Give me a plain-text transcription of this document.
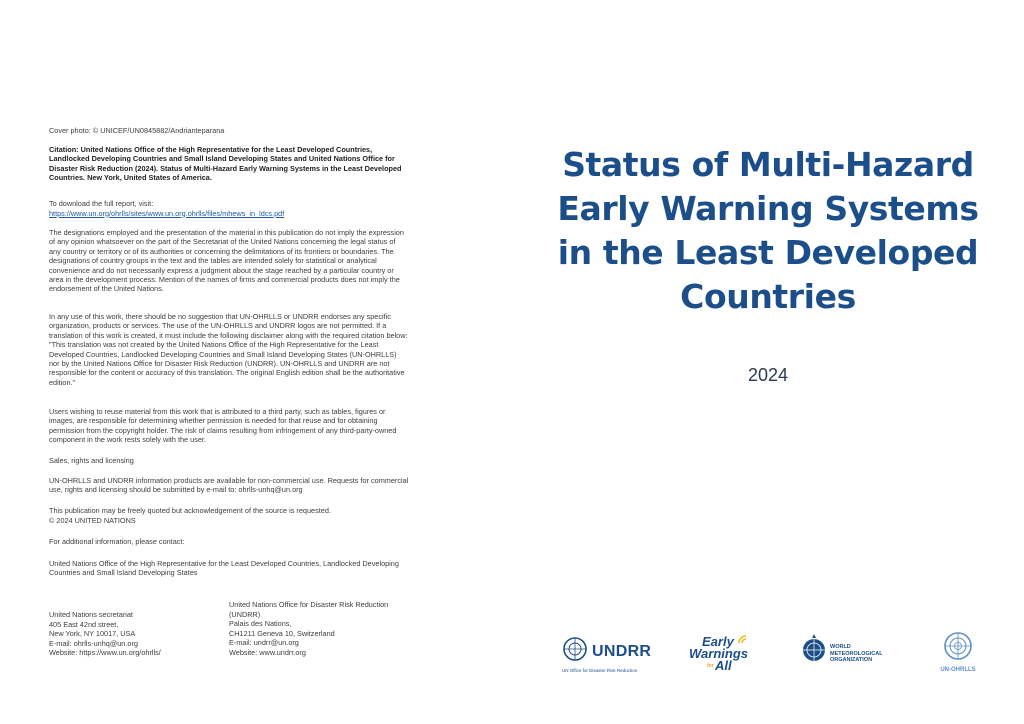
Cover photo: © UNICEF/UN0845882/Andrianteparana

Citation: United Nations Office of the High Representative for the Least Developed Countries, Landlocked Developing Countries and Small Island Developing States and United Nations Office for Disaster Risk Reduction (2024). Status of Multi-Hazard Early Warning Systems in the Least Developed Countries. New York, United States of America.

To download the full report, visit:

https://www.un.org/ohrlls/sites/www.un.org.ohrlls/files/mhews_in_ldcs.pdf

The designations employed and the presentation of the material in this publication do not imply the expression of any opinion whatsoever on the part of the Secretariat of the United Nations concerning the legal status of any country or territory or of its authorities or concerning the delimitations of its frontiers or boundaries. The designations of country groups in the text and the tables are intended solely for statistical or analytical convenience and do not necessarily express a judgment about the stage reached by a particular country or area in the development process. Mention of the names of firms and commercial products does not imply the endorsement of the United Nations.

In any use of this work, there should be no suggestion that UN-OHRLLS or UNDRR endorses any specific organization, products or services. The use of the UN-OHRLLS and UNDRR logos are not permitted. If a translation of this work is created, it must include the following disclaimer along with the required citation below: "This translation was not created by the United Nations Office of the High Representative for the Least Developed Countries, Landlocked Developing Countries and Small Island Developing States (UN-OHRLLS) nor by the United Nations Office for Disaster Risk Reduction (UNDRR). UN-OHRLLS and UNDRR are not responsible for the content or accuracy of this translation. The original English edition shall be the authoritative edition."

Users wishing to reuse material from this work that is attributed to a third party, such as tables, figures or images, are responsible for determining whether permission is needed for that reuse and for obtaining permission from the copyright holder. The risk of claims resulting from infringement of any third-party-owned component in the work rests solely with the user.

Sales, rights and licensing

UN-OHRLLS and UNDRR information products are available for non-commercial use. Requests for commercial use, rights and licensing should be submitted by e-mail to: ohrlls-unhq@un.org

This publication may be freely quoted but acknowledgement of the source is requested.

© 2024 UNITED NATIONS

For additional information, please contact:

United Nations Office of the High Representative for the Least Developed Countries, Landlocked Developing Countries and Small Island Developing States

United Nations secretariat
405 East 42nd street,
New York, NY 10017, USA
E-mail: ohrlls-unhq@un.org
Website: https://www.un.org/ohrlls/
United Nations Office for Disaster Risk Reduction
(UNDRR)
Palais des Nations,
CH1211 Geneva 10, Switzerland
E-mail: undrr@un.org
Website: www.undrr.org
Status of Multi-Hazard
Early Warning Systems
in the Least Developed
Countries
2024
UNDRR
UN Office for Disaster Risk Reduction
Early
Warnings
for All
WORLD
METEOROLOGICAL
ORGANIZATION
UN-OHRLLS
